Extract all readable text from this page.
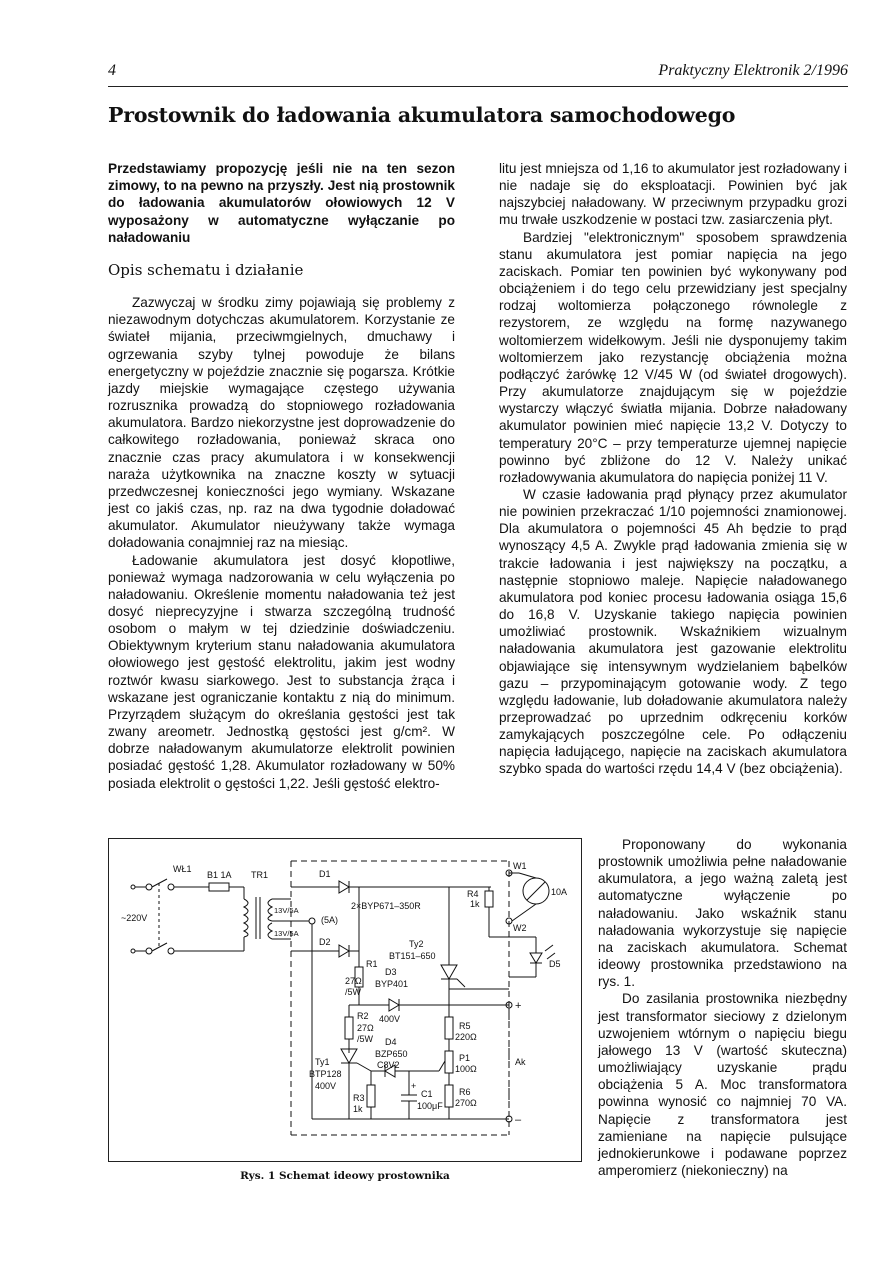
4	Praktyczny Elektronik 2/1996
Prostownik do ładowania akumulatora samochodowego

Przedstawiamy propozycję jeśli nie na ten sezon zimowy, to na pewno na przyszły. Jest nią prostownik do ładowania akumulatorów ołowiowych 12 V wyposażony w automatyczne wyłączanie po naładowaniu

Opis schematu i działanie

Zazwyczaj w środku zimy pojawiają się problemy z niezawodnym dotychczas akumulatorem. Korzystanie ze świateł mijania, przeciwmgielnych, dmuchawy i ogrzewania szyby tylnej powoduje że bilans energetyczny w pojeździe znacznie się pogarsza. Krótkie jazdy miejskie wymagające częstego używania rozrusznika prowadzą do stopniowego rozładowania akumulatora. Bardzo niekorzystne jest doprowadzenie do całkowitego rozładowania, ponieważ skraca ono znacznie czas pracy akumulatora i w konsekwencji naraża użytkownika na znaczne koszty w sytuacji przedwczesnej konieczności jego wymiany. Wskazane jest co jakiś czas, np. raz na dwa tygodnie doładować akumulator. Akumulator nieużywany także wymaga doładowania conajmniej raz na miesiąc.

Ładowanie akumulatora jest dosyć kłopotliwe, ponieważ wymaga nadzorowania w celu wyłączenia po naładowaniu. Określenie momentu naładowania też jest dosyć nieprecyzyjne i stwarza szczególną trudność osobom o małym w tej dziedzinie doświadczeniu. Obiektywnym kryterium stanu naładowania akumulatora ołowiowego jest gęstość elektrolitu, jakim jest wodny roztwór kwasu siarkowego. Jest to substancja żrąca i wskazane jest ograniczanie kontaktu z nią do minimum. Przyrządem służącym do określania gęstości jest tak zwany areometr. Jednostką gęstości jest g/cm². W dobrze naładowanym akumulatorze elektrolit powinien posiadać gęstość 1,28. Akumulator rozładowany w 50% posiada elektrolit o gęstości 1,22. Jeśli gęstość elektro-

litu jest mniejsza od 1,16 to akumulator jest rozładowany i nie nadaje się do eksploatacji. Powinien być jak najszybciej naładowany. W przeciwnym przypadku grozi mu trwałe uszkodzenie w postaci tzw. zasiarczenia płyt.

Bardziej "elektronicznym" sposobem sprawdzenia stanu akumulatora jest pomiar napięcia na jego zaciskach. Pomiar ten powinien być wykonywany pod obciążeniem i do tego celu przewidziany jest specjalny rodzaj woltomierza połączonego równolegle z rezystorem, ze względu na formę nazywanego woltomierzem widełkowym. Jeśli nie dysponujemy takim woltomierzem jako rezystancję obciążenia można podłączyć żarówkę 12 V/45 W (od świateł drogowych). Przy akumulatorze znajdującym się w pojeździe wystarczy włączyć światła mijania. Dobrze naładowany akumulator powinien mieć napięcie 13,2 V. Dotyczy to temperatury 20°C – przy temperaturze ujemnej napięcie powinno być zbliżone do 12 V. Należy unikać rozładowywania akumulatora do napięcia poniżej 11 V.

W czasie ładowania prąd płynący przez akumulator nie powinien przekraczać 1/10 pojemności znamionowej. Dla akumulatora o pojemności 45 Ah będzie to prąd wynoszący 4,5 A. Zwykle prąd ładowania zmienia się w trakcie ładowania i jest największy na początku, a następnie stopniowo maleje. Napięcie naładowanego akumulatora pod koniec procesu ładowania osiąga 15,6 do 16,8 V. Uzyskanie takiego napięcia powinien umożliwiać prostownik. Wskaźnikiem wizualnym naładowania akumulatora jest gazowanie elektrolitu objawiające się intensywnym wydzielaniem bąbelków gazu – przypominającym gotowanie wody. Z tego względu ładowanie, lub doładowanie akumulatora należy przeprowadzać po uprzednim odkręceniu korków zamykających poszczególne cele. Po odłączeniu napięcia ładującego, napięcie na zaciskach akumulatora szybko spada do wartości rzędu 14,4 V (bez obciążenia).

Proponowany do wykonania prostownik umożliwia pełne naładowanie akumulatora, a jego ważną zaletą jest automatyczne wyłączenie po naładowaniu. Jako wskaźnik stanu naładowania wykorzystuje się napięcie na zaciskach akumulatora. Schemat ideowy prostownika przedstawiono na rys. 1.

Do zasilania prostownika niezbędny jest transformator sieciowy z dzielonym uzwojeniem wtórnym o napięciu biegu jałowego 13 V (wartość skuteczna) umożliwiający uzyskanie prądu obciążenia 5 A. Moc transformatora powinna wynosić co najmniej 70 VA. Napięcie z transformatora jest zamieniane na napięcie pulsujące jednokierunkowe i podawane poprzez amperomierz (niekonieczny) na

WŁ1
~220V
B1 1A TR1
13V/5A
13V/5A
(5A)
D1
D2
2×BYP671–350R
R4
1k
W1
W2
10A
D5
Ty2
BT151–650
R1
27Ω
/5W
D3
BYP401
R2
27Ω
/5W
400V
Ty1
BTP128
400V
D4
BZP650
C8V2
R3
1k
+
C1
100μF
R5
220Ω
P1
100Ω
R6
270Ω
+
–
Ak
Rys. 1 Schemat ideowy prostownika
